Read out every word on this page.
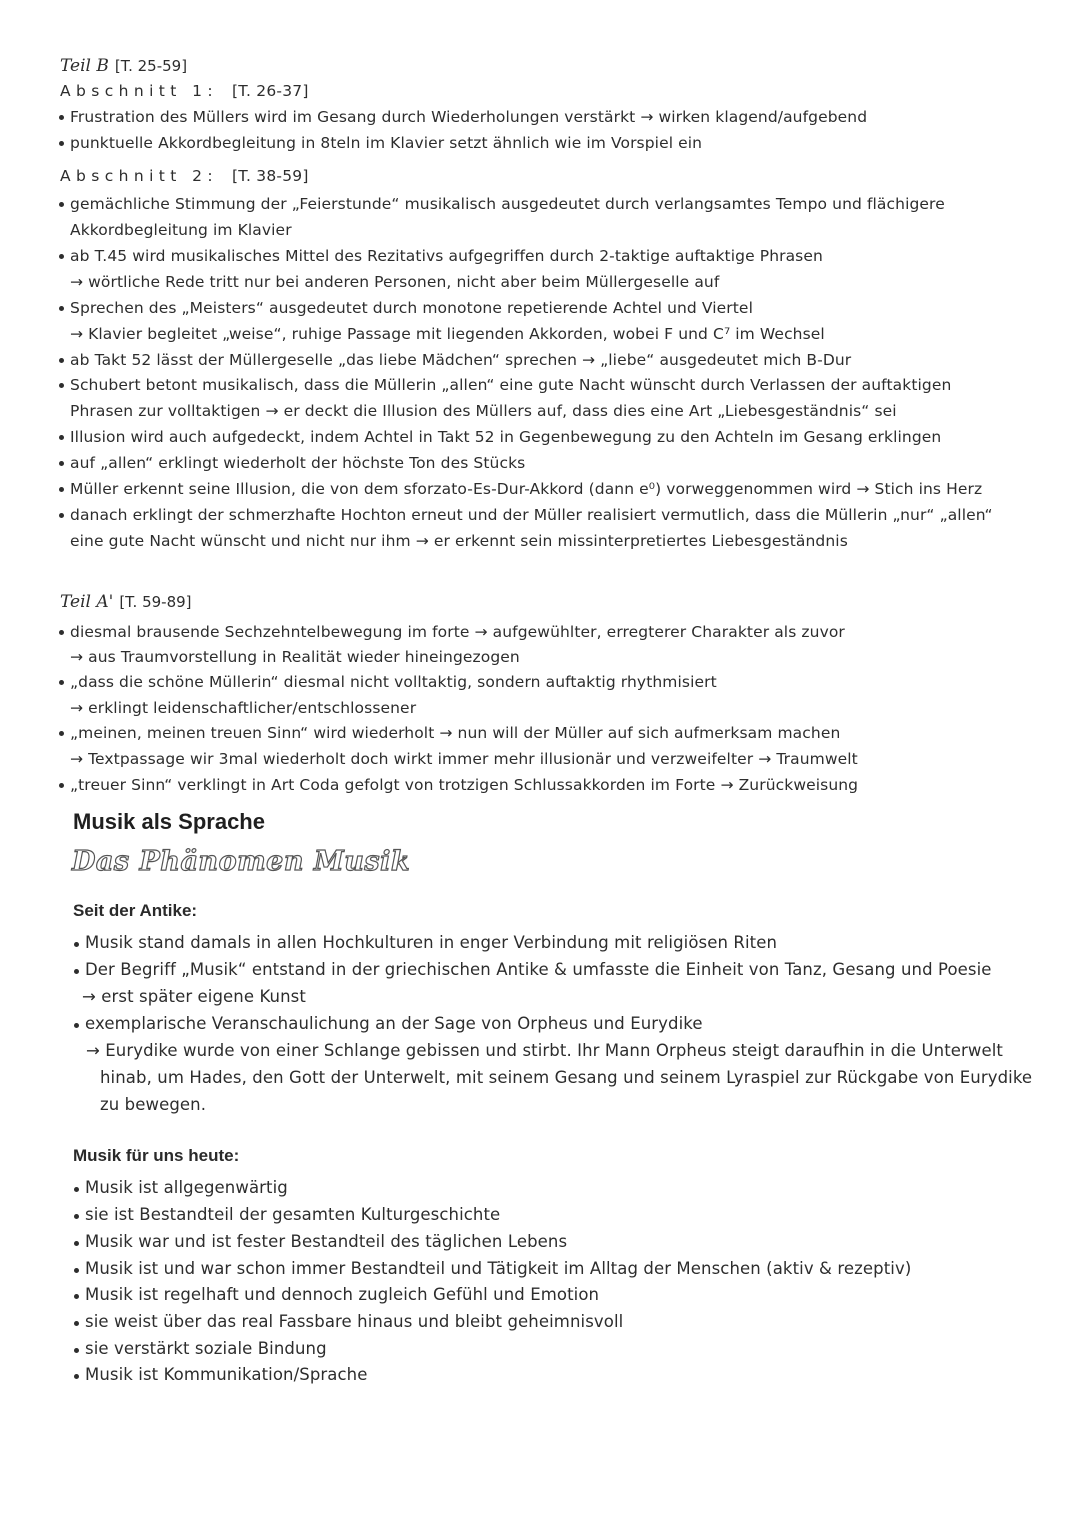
Teil B [T. 25-59]
Abschnitt 1: [T. 26-37]
Frustration des Müllers wird im Gesang durch Wiederholungen verstärkt → wirken klagend/aufgebend
punktuelle Akkordbegleitung in 8teln im Klavier setzt ähnlich wie im Vorspiel ein
Abschnitt 2: [T. 38-59]
gemächliche Stimmung der „Feierstunde“ musikalisch ausgedeutet durch verlangsamtes Tempo und flächigere
Akkordbegleitung im Klavier
ab T.45 wird musikalisches Mittel des Rezitativs aufgegriffen durch 2-taktige auftaktige Phrasen
→ wörtliche Rede tritt nur bei anderen Personen, nicht aber beim Müllergeselle auf
Sprechen des „Meisters“ ausgedeutet durch monotone repetierende Achtel und Viertel
→ Klavier begleitet „weise“, ruhige Passage mit liegenden Akkorden, wobei F und C⁷ im Wechsel
ab Takt 52 lässt der Müllergeselle „das liebe Mädchen“ sprechen → „liebe“ ausgedeutet mich B-Dur
Schubert betont musikalisch, dass die Müllerin „allen“ eine gute Nacht wünscht durch Verlassen der auftaktigen
Phrasen zur volltaktigen → er deckt die Illusion des Müllers auf, dass dies eine Art „Liebesgeständnis“ sei
Illusion wird auch aufgedeckt, indem Achtel in Takt 52 in Gegenbewegung zu den Achteln im Gesang erklingen
auf „allen“ erklingt wiederholt der höchste Ton des Stücks
Müller erkennt seine Illusion, die von dem sforzato-Es-Dur-Akkord (dann e⁰) vorweggenommen wird → Stich ins Herz
danach erklingt der schmerzhafte Hochton erneut und der Müller realisiert vermutlich, dass die Müllerin „nur“ „allen“
eine gute Nacht wünscht und nicht nur ihm → er erkennt sein missinterpretiertes Liebesgeständnis
Teil A' [T. 59-89]
diesmal brausende Sechzehntelbewegung im forte → aufgewühlter, erregterer Charakter als zuvor
→ aus Traumvorstellung in Realität wieder hineingezogen
„dass die schöne Müllerin“ diesmal nicht volltaktig, sondern auftaktig rhythmisiert
→ erklingt leidenschaftlicher/entschlossener
„meinen, meinen treuen Sinn“ wird wiederholt → nun will der Müller auf sich aufmerksam machen
→ Textpassage wir 3mal wiederholt doch wirkt immer mehr illusionär und verzweifelter → Traumwelt
„treuer Sinn“ verklingt in Art Coda gefolgt von trotzigen Schlussakkorden im Forte → Zurückweisung
Musik als Sprache
Das Phänomen Musik
Seit der Antike:
Musik stand damals in allen Hochkulturen in enger Verbindung mit religiösen Riten
Der Begriff „Musik“ entstand in der griechischen Antike & umfasste die Einheit von Tanz, Gesang und Poesie
→ erst später eigene Kunst
exemplarische Veranschaulichung an der Sage von Orpheus und Eurydike
→ Eurydike wurde von einer Schlange gebissen und stirbt. Ihr Mann Orpheus steigt daraufhin in die Unterwelt
hinab, um Hades, den Gott der Unterwelt, mit seinem Gesang und seinem Lyraspiel zur Rückgabe von Eurydike
zu bewegen.
Musik für uns heute:
Musik ist allgegenwärtig
sie ist Bestandteil der gesamten Kulturgeschichte
Musik war und ist fester Bestandteil des täglichen Lebens
Musik ist und war schon immer Bestandteil und Tätigkeit im Alltag der Menschen (aktiv & rezeptiv)
Musik ist regelhaft und dennoch zugleich Gefühl und Emotion
sie weist über das real Fassbare hinaus und bleibt geheimnisvoll
sie verstärkt soziale Bindung
Musik ist Kommunikation/Sprache
